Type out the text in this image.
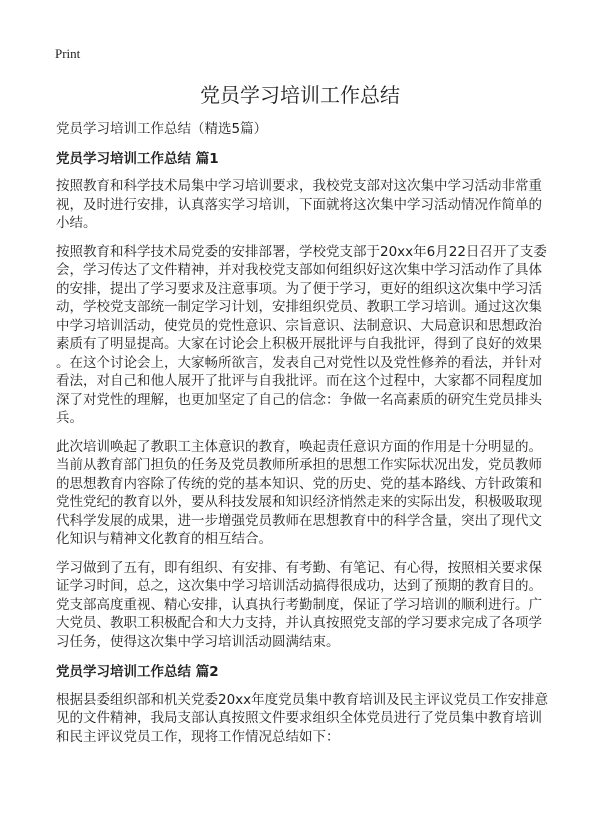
Print
党员学习培训工作总结
党员学习培训工作总结（精选5篇）
党员学习培训工作总结 篇1
按照教育和科学技术局集中学习培训要求，我校党支部对这次集中学习活动非常重
视，及时进行安排，认真落实学习培训，下面就将这次集中学习活动情况作简单的
小结。
按照教育和科学技术局党委的安排部署，学校党支部于20xx年6月22日召开了支委
会，学习传达了文件精神，并对我校党支部如何组织好这次集中学习活动作了具体
的安排，提出了学习要求及注意事项。为了便于学习，更好的组织这次集中学习活
动，学校党支部统一制定学习计划，安排组织党员、教职工学习培训。通过这次集
中学习培训活动，使党员的党性意识、宗旨意识、法制意识、大局意识和思想政治
素质有了明显提高。大家在讨论会上积极开展批评与自我批评，得到了良好的效果
。在这个讨论会上，大家畅所欲言，发表自己对党性以及党性修养的看法，并针对
看法，对自己和他人展开了批评与自我批评。而在这个过程中，大家都不同程度加
深了对党性的理解，也更加坚定了自己的信念：争做一名高素质的研究生党员排头
兵。
此次培训唤起了教职工主体意识的教育，唤起责任意识方面的作用是十分明显的。
当前从教育部门担负的任务及党员教师所承担的思想工作实际状况出发，党员教师
的思想教育内容除了传统的党的基本知识、党的历史、党的基本路线、方针政策和
党性党纪的教育以外，要从科技发展和知识经济悄然走来的实际出发，积极吸取现
代科学发展的成果，进一步增强党员教师在思想教育中的科学含量，突出了现代文
化知识与精神文化教育的相互结合。
学习做到了五有，即有组织、有安排、有考勤、有笔记、有心得，按照相关要求保
证学习时间，总之，这次集中学习培训活动搞得很成功，达到了预期的教育目的。
党支部高度重视、精心安排，认真执行考勤制度，保证了学习培训的顺利进行。广
大党员、教职工积极配合和大力支持，并认真按照党支部的学习要求完成了各项学
习任务，使得这次集中学习培训活动圆满结束。
党员学习培训工作总结 篇2
根据县委组织部和机关党委20xx年度党员集中教育培训及民主评议党员工作安排意
见的文件精神，我局支部认真按照文件要求组织全体党员进行了党员集中教育培训
和民主评议党员工作，现将工作情况总结如下：
